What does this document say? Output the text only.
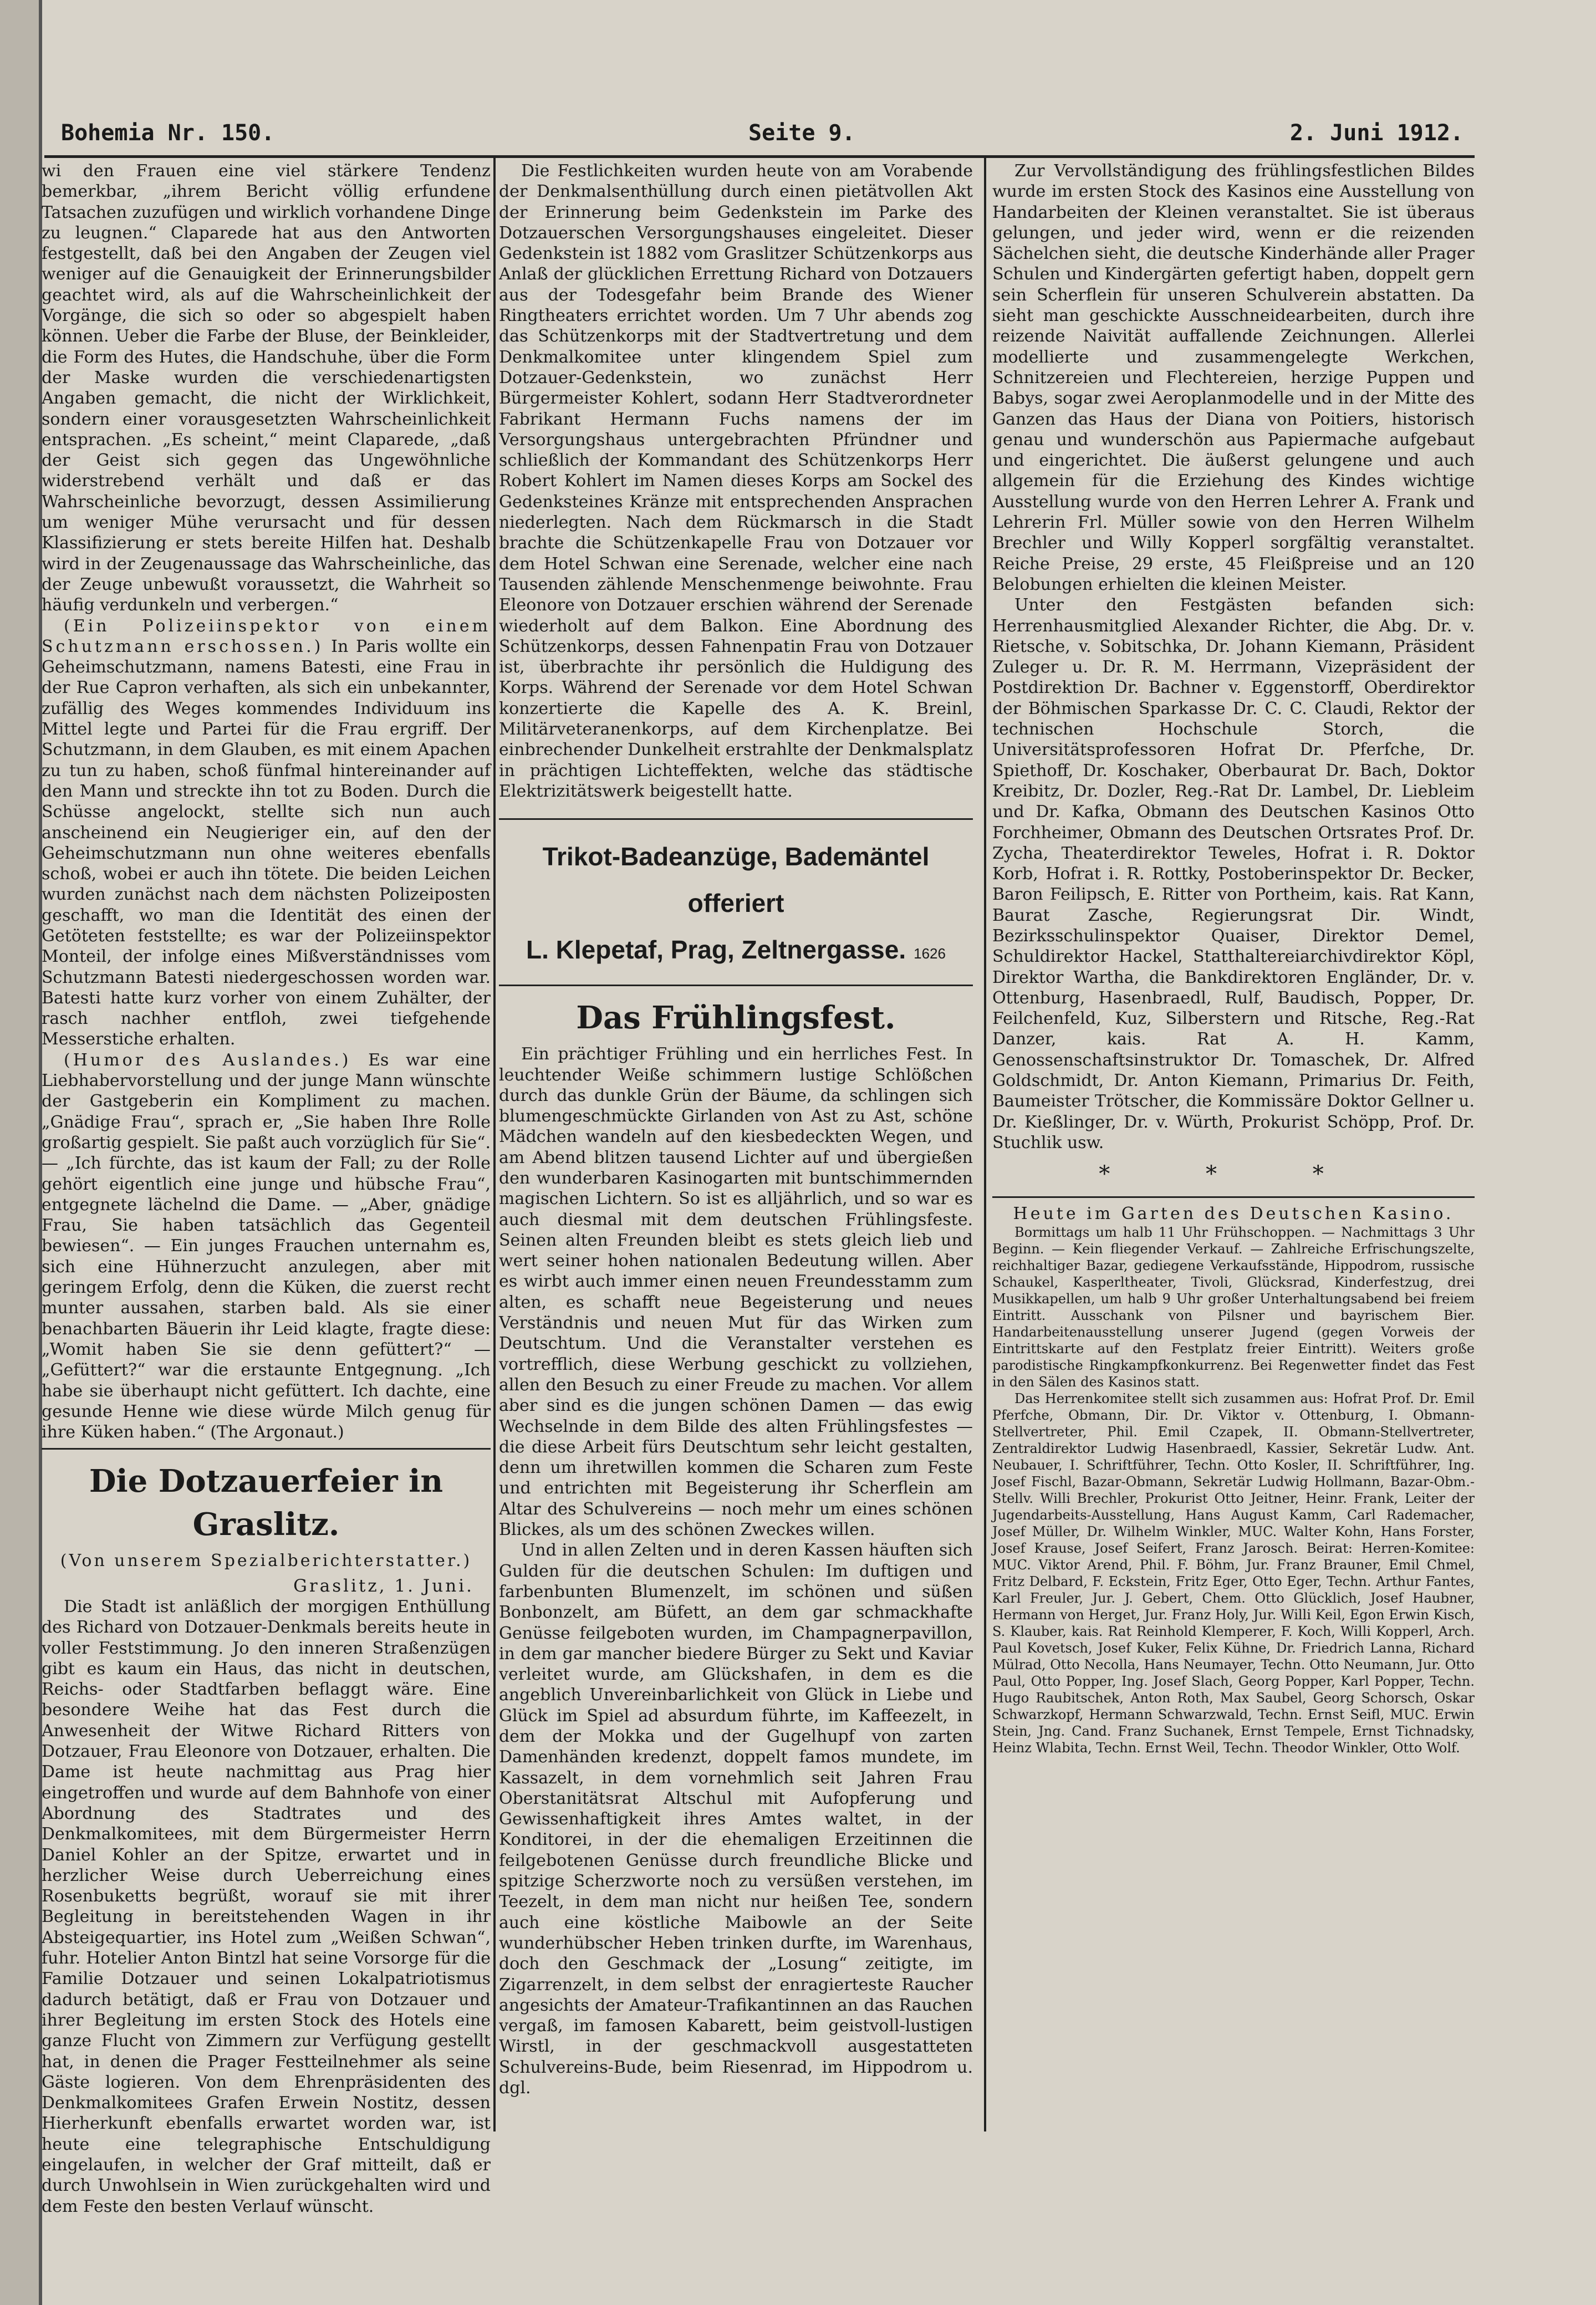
Bohemia Nr. 150.	Seite 9.	2. Juni 1912.

wi den Frauen eine viel stärkere Tendenz bemerkbar, „ihrem Bericht völlig erfundene Tatsachen zuzufügen und wirklich vorhandene Dinge zu leugnen.“ Claparede hat aus den Antworten festgestellt, daß bei den Angaben der Zeugen viel weniger auf die Genauigkeit der Erinnerungsbilder geachtet wird, als auf die Wahrscheinlichkeit der Vorgänge, die sich so oder so abgespielt haben können. Ueber die Farbe der Bluse, der Beinkleider, die Form des Hutes, die Handschuhe, über die Form der Maske wurden die verschiedenartigsten Angaben gemacht, die nicht der Wirklichkeit, sondern einer vorausgesetzten Wahrscheinlichkeit entsprachen. „Es scheint,“ meint Claparede, „daß der Geist sich gegen das Ungewöhnliche widerstrebend verhält und daß er das Wahrscheinliche bevorzugt, dessen Assimilierung um weniger Mühe verursacht und für dessen Klassifizierung er stets bereite Hilfen hat. Deshalb wird in der Zeugenaussage das Wahrscheinliche, das der Zeuge unbewußt voraussetzt, die Wahrheit so häufig verdunkeln und verbergen.“

(Ein Polizeiinspektor von einem Schutzmann erschossen.) In Paris wollte ein Geheimschutzmann, namens Batesti, eine Frau in der Rue Capron verhaften, als sich ein unbekannter, zufällig des Weges kommendes Individuum ins Mittel legte und Partei für die Frau ergriff. Der Schutzmann, in dem Glauben, es mit einem Apachen zu tun zu haben, schoß fünfmal hintereinander auf den Mann und streckte ihn tot zu Boden. Durch die Schüsse angelockt, stellte sich nun auch anscheinend ein Neugieriger ein, auf den der Geheimschutzmann nun ohne weiteres ebenfalls schoß, wobei er auch ihn tötete. Die beiden Leichen wurden zunächst nach dem nächsten Polizeiposten geschafft, wo man die Identität des einen der Getöteten feststellte; es war der Polizeiinspektor Monteil, der infolge eines Mißverständnisses vom Schutzmann Batesti niedergeschossen worden war. Batesti hatte kurz vorher von einem Zuhälter, der rasch nachher entfloh, zwei tiefgehende Messerstiche erhalten.

(Humor des Auslandes.) Es war eine Liebhabervorstellung und der junge Mann wünschte der Gastgeberin ein Kompliment zu machen. „Gnädige Frau“, sprach er, „Sie haben Ihre Rolle großartig gespielt. Sie paßt auch vorzüglich für Sie“. — „Ich fürchte, das ist kaum der Fall; zu der Rolle gehört eigentlich eine junge und hübsche Frau“, entgegnete lächelnd die Dame. — „Aber, gnädige Frau, Sie haben tatsächlich das Gegenteil bewiesen“. — Ein junges Frauchen unternahm es, sich eine Hühnerzucht anzulegen, aber mit geringem Erfolg, denn die Küken, die zuerst recht munter aussahen, starben bald. Als sie einer benachbarten Bäuerin ihr Leid klagte, fragte diese: „Womit haben Sie sie denn gefüttert?“ — „Gefüttert?“ war die erstaunte Entgegnung. „Ich habe sie überhaupt nicht gefüttert. Ich dachte, eine gesunde Henne wie diese würde Milch genug für ihre Küken haben.“ (The Argonaut.)

Die Dotzauerfeier in Graslitz.
(Von unserem Spezialberichterstatter.)
Graslitz, 1. Juni.

Die Stadt ist anläßlich der morgigen Enthüllung des Richard von Dotzauer-Denkmals bereits heute in voller Feststimmung. Jo den inneren Straßenzügen gibt es kaum ein Haus, das nicht in deutschen, Reichs- oder Stadtfarben beflaggt wäre. Eine besondere Weihe hat das Fest durch die Anwesenheit der Witwe Richard Ritters von Dotzauer, Frau Eleonore von Dotzauer, erhalten. Die Dame ist heute nachmittag aus Prag hier eingetroffen und wurde auf dem Bahnhofe von einer Abordnung des Stadtrates und des Denkmalkomitees, mit dem Bürgermeister Herrn Daniel Kohler an der Spitze, erwartet und in herzlicher Weise durch Ueberreichung eines Rosenbuketts begrüßt, worauf sie mit ihrer Begleitung in bereitstehenden Wagen in ihr Absteigequartier, ins Hotel zum „Weißen Schwan“, fuhr. Hotelier Anton Bintzl hat seine Vorsorge für die Familie Dotzauer und seinen Lokalpatriotismus dadurch betätigt, daß er Frau von Dotzauer und ihrer Begleitung im ersten Stock des Hotels eine ganze Flucht von Zimmern zur Verfügung gestellt hat, in denen die Prager Festteilnehmer als seine Gäste logieren. Von dem Ehrenpräsidenten des Denkmalkomitees Grafen Erwein Nostitz, dessen Hierherkunft ebenfalls erwartet worden war, ist heute eine telegraphische Entschuldigung eingelaufen, in welcher der Graf mitteilt, daß er durch Unwohlsein in Wien zurückgehalten wird und dem Feste den besten Verlauf wünscht.

Die Festlichkeiten wurden heute von am Vorabende der Denkmalsenthüllung durch einen pietätvollen Akt der Erinnerung beim Gedenkstein im Parke des Dotzauerschen Versorgungshauses eingeleitet. Dieser Gedenkstein ist 1882 vom Graslitzer Schützenkorps aus Anlaß der glücklichen Errettung Richard von Dotzauers aus der Todesgefahr beim Brande des Wiener Ringtheaters errichtet worden. Um 7 Uhr abends zog das Schützenkorps mit der Stadtvertretung und dem Denkmalkomitee unter klingendem Spiel zum Dotzauer-Gedenkstein, wo zunächst Herr Bürgermeister Kohlert, sodann Herr Stadtverordneter Fabrikant Hermann Fuchs namens der im Versorgungshaus untergebrachten Pfründner und schließlich der Kommandant des Schützenkorps Herr Robert Kohlert im Namen dieses Korps am Sockel des Gedenksteines Kränze mit entsprechenden Ansprachen niederlegten. Nach dem Rückmarsch in die Stadt brachte die Schützenkapelle Frau von Dotzauer vor dem Hotel Schwan eine Serenade, welcher eine nach Tausenden zählende Menschenmenge beiwohnte. Frau Eleonore von Dotzauer erschien während der Serenade wiederholt auf dem Balkon. Eine Abordnung des Schützenkorps, dessen Fahnenpatin Frau von Dotzauer ist, überbrachte ihr persönlich die Huldigung des Korps. Während der Serenade vor dem Hotel Schwan konzertierte die Kapelle des A. K. Breinl, Militärveteranenkorps, auf dem Kirchenplatze. Bei einbrechender Dunkelheit erstrahlte der Denkmalsplatz in prächtigen Lichteffekten, welche das städtische Elektrizitätswerk beigestellt hatte.

Trikot-Badeanzüge, Bademäntel offeriert
L. Klepetaf, Prag, Zeltnergasse. 1626
Das Frühlingsfest.

Ein prächtiger Frühling und ein herrliches Fest. In leuchtender Weiße schimmern lustige Schlößchen durch das dunkle Grün der Bäume, da schlingen sich blumengeschmückte Girlanden von Ast zu Ast, schöne Mädchen wandeln auf den kiesbedeckten Wegen, und am Abend blitzen tausend Lichter auf und übergießen den wunderbaren Kasinogarten mit buntschimmernden magischen Lichtern. So ist es alljährlich, und so war es auch diesmal mit dem deutschen Frühlingsfeste. Seinen alten Freunden bleibt es stets gleich lieb und wert seiner hohen nationalen Bedeutung willen. Aber es wirbt auch immer einen neuen Freundesstamm zum alten, es schafft neue Begeisterung und neues Verständnis und neuen Mut für das Wirken zum Deutschtum. Und die Veranstalter verstehen es vortrefflich, diese Werbung geschickt zu vollziehen, allen den Besuch zu einer Freude zu machen. Vor allem aber sind es die jungen schönen Damen — das ewig Wechselnde in dem Bilde des alten Frühlingsfestes — die diese Arbeit fürs Deutschtum sehr leicht gestalten, denn um ihretwillen kommen die Scharen zum Feste und entrichten mit Begeisterung ihr Scherflein am Altar des Schulvereins — noch mehr um eines schönen Blickes, als um des schönen Zweckes willen.

Und in allen Zelten und in deren Kassen häuften sich Gulden für die deutschen Schulen: Im duftigen und farbenbunten Blumenzelt, im schönen und süßen Bonbonzelt, am Büfett, an dem gar schmackhafte Genüsse feilgeboten wurden, im Champagnerpavillon, in dem gar mancher biedere Bürger zu Sekt und Kaviar verleitet wurde, am Glückshafen, in dem es die angeblich Unvereinbarlichkeit von Glück in Liebe und Glück im Spiel ad absurdum führte, im Kaffeezelt, in dem der Mokka und der Gugelhupf von zarten Damenhänden kredenzt, doppelt famos mundete, im Kassazelt, in dem vornehmlich seit Jahren Frau Oberstanitätsrat Altschul mit Aufopferung und Gewissenhaftigkeit ihres Amtes waltet, in der Konditorei, in der die ehemaligen Erzeitinnen die feilgebotenen Genüsse durch freundliche Blicke und spitzige Scherzworte noch zu versüßen verstehen, im Teezelt, in dem man nicht nur heißen Tee, sondern auch eine köstliche Maibowle an der Seite wunderhübscher Heben trinken durfte, im Warenhaus, doch den Geschmack der „Losung“ zeitigte, im Zigarrenzelt, in dem selbst der enragierteste Raucher angesichts der Amateur-Trafikantinnen an das Rauchen vergaß, im famosen Kabarett, beim geistvoll-lustigen Wirstl, in der geschmackvoll ausgestatteten Schulvereins-Bude, beim Riesenrad, im Hippodrom u. dgl.

Zur Vervollständigung des frühlingsfestlichen Bildes wurde im ersten Stock des Kasinos eine Ausstellung von Handarbeiten der Kleinen veranstaltet. Sie ist überaus gelungen, und jeder wird, wenn er die reizenden Sächelchen sieht, die deutsche Kinderhände aller Prager Schulen und Kindergärten gefertigt haben, doppelt gern sein Scherflein für unseren Schulverein abstatten. Da sieht man geschickte Ausschneidearbeiten, durch ihre reizende Naivität auffallende Zeichnungen. Allerlei modellierte und zusammengelegte Werkchen, Schnitzereien und Flechtereien, herzige Puppen und Babys, sogar zwei Aeroplanmodelle und in der Mitte des Ganzen das Haus der Diana von Poitiers, historisch genau und wunderschön aus Papiermache aufgebaut und eingerichtet. Die äußerst gelungene und auch allgemein für die Erziehung des Kindes wichtige Ausstellung wurde von den Herren Lehrer A. Frank und Lehrerin Frl. Müller sowie von den Herren Wilhelm Brechler und Willy Kopperl sorgfältig veranstaltet. Reiche Preise, 29 erste, 45 Fleißpreise und an 120 Belobungen erhielten die kleinen Meister.

Unter den Festgästen befanden sich: Herrenhausmitglied Alexander Richter, die Abg. Dr. v. Rietsche, v. Sobitschka, Dr. Johann Kiemann, Präsident Zuleger u. Dr. R. M. Herrmann, Vizepräsident der Postdirektion Dr. Bachner v. Eggenstorff, Oberdirektor der Böhmischen Sparkasse Dr. C. C. Claudi, Rektor der technischen Hochschule Storch, die Universitätsprofessoren Hofrat Dr. Pferfche, Dr. Spiethoff, Dr. Koschaker, Oberbaurat Dr. Bach, Doktor Kreibitz, Dr. Dozler, Reg.-Rat Dr. Lambel, Dr. Liebleim und Dr. Kafka, Obmann des Deutschen Kasinos Otto Forchheimer, Obmann des Deutschen Ortsrates Prof. Dr. Zycha, Theaterdirektor Teweles, Hofrat i. R. Doktor Korb, Hofrat i. R. Rottky, Postoberinspektor Dr. Becker, Baron Feilipsch, E. Ritter von Portheim, kais. Rat Kann, Baurat Zasche, Regierungsrat Dir. Windt, Bezirksschulinspektor Quaiser, Direktor Demel, Schuldirektor Hackel, Statthaltereiarchivdirektor Köpl, Direktor Wartha, die Bankdirektoren Engländer, Dr. v. Ottenburg, Hasenbraedl, Rulf, Baudisch, Popper, Dr. Feilchenfeld, Kuz, Silberstern und Ritsche, Reg.-Rat Danzer, kais. Rat A. H. Kamm, Genossenschaftsinstruktor Dr. Tomaschek, Dr. Alfred Goldschmidt, Dr. Anton Kiemann, Primarius Dr. Feith, Baumeister Trötscher, die Kommissäre Doktor Gellner u. Dr. Kießlinger, Dr. v. Würth, Prokurist Schöpp, Prof. Dr. Stuchlik usw.

* * *

Heute im Garten des Deutschen Kasino.

Bormittags um halb 11 Uhr Frühschoppen. — Nachmittags 3 Uhr Beginn. — Kein fliegender Verkauf. — Zahlreiche Erfrischungszelte, reichhaltiger Bazar, gediegene Verkaufsstände, Hippodrom, russische Schaukel, Kasperltheater, Tivoli, Glücksrad, Kinderfestzug, drei Musikkapellen, um halb 9 Uhr großer Unterhaltungsabend bei freiem Eintritt. Ausschank von Pilsner und bayrischem Bier. Handarbeitenausstellung unserer Jugend (gegen Vorweis der Eintrittskarte auf den Festplatz freier Eintritt). Weiters große parodistische Ringkampfkonkurrenz. Bei Regenwetter findet das Fest in den Sälen des Kasinos statt.

Das Herrenkomitee stellt sich zusammen aus: Hofrat Prof. Dr. Emil Pferfche, Obmann, Dir. Dr. Viktor v. Ottenburg, I. Obmann-Stellvertreter, Phil. Emil Czapek, II. Obmann-Stellvertreter, Zentraldirektor Ludwig Hasenbraedl, Kassier, Sekretär Ludw. Ant. Neubauer, I. Schriftführer, Techn. Otto Kosler, II. Schriftführer, Ing. Josef Fischl, Bazar-Obmann, Sekretär Ludwig Hollmann, Bazar-Obm.-Stellv. Willi Brechler, Prokurist Otto Jeitner, Heinr. Frank, Leiter der Jugendarbeits-Ausstellung, Hans August Kamm, Carl Rademacher, Josef Müller, Dr. Wilhelm Winkler, MUC. Walter Kohn, Hans Forster, Josef Krause, Josef Seifert, Franz Jarosch. Beirat: Herren-Komitee: MUC. Viktor Arend, Phil. F. Böhm, Jur. Franz Brauner, Emil Chmel, Fritz Delbard, F. Eckstein, Fritz Eger, Otto Eger, Techn. Arthur Fantes, Karl Freuler, Jur. J. Gebert, Chem. Otto Glücklich, Josef Haubner, Hermann von Herget, Jur. Franz Holy, Jur. Willi Keil, Egon Erwin Kisch, S. Klauber, kais. Rat Reinhold Klemperer, F. Koch, Willi Kopperl, Arch. Paul Kovetsch, Josef Kuker, Felix Kühne, Dr. Friedrich Lanna, Richard Mülrad, Otto Necolla, Hans Neumayer, Techn. Otto Neumann, Jur. Otto Paul, Otto Popper, Ing. Josef Slach, Georg Popper, Karl Popper, Techn. Hugo Raubitschek, Anton Roth, Max Saubel, Georg Schorsch, Oskar Schwarzkopf, Hermann Schwarzwald, Techn. Ernst Seifl, MUC. Erwin Stein, Jng. Cand. Franz Suchanek, Ernst Tempele, Ernst Tichnadsky, Heinz Wlabita, Techn. Ernst Weil, Techn. Theodor Winkler, Otto Wolf.
